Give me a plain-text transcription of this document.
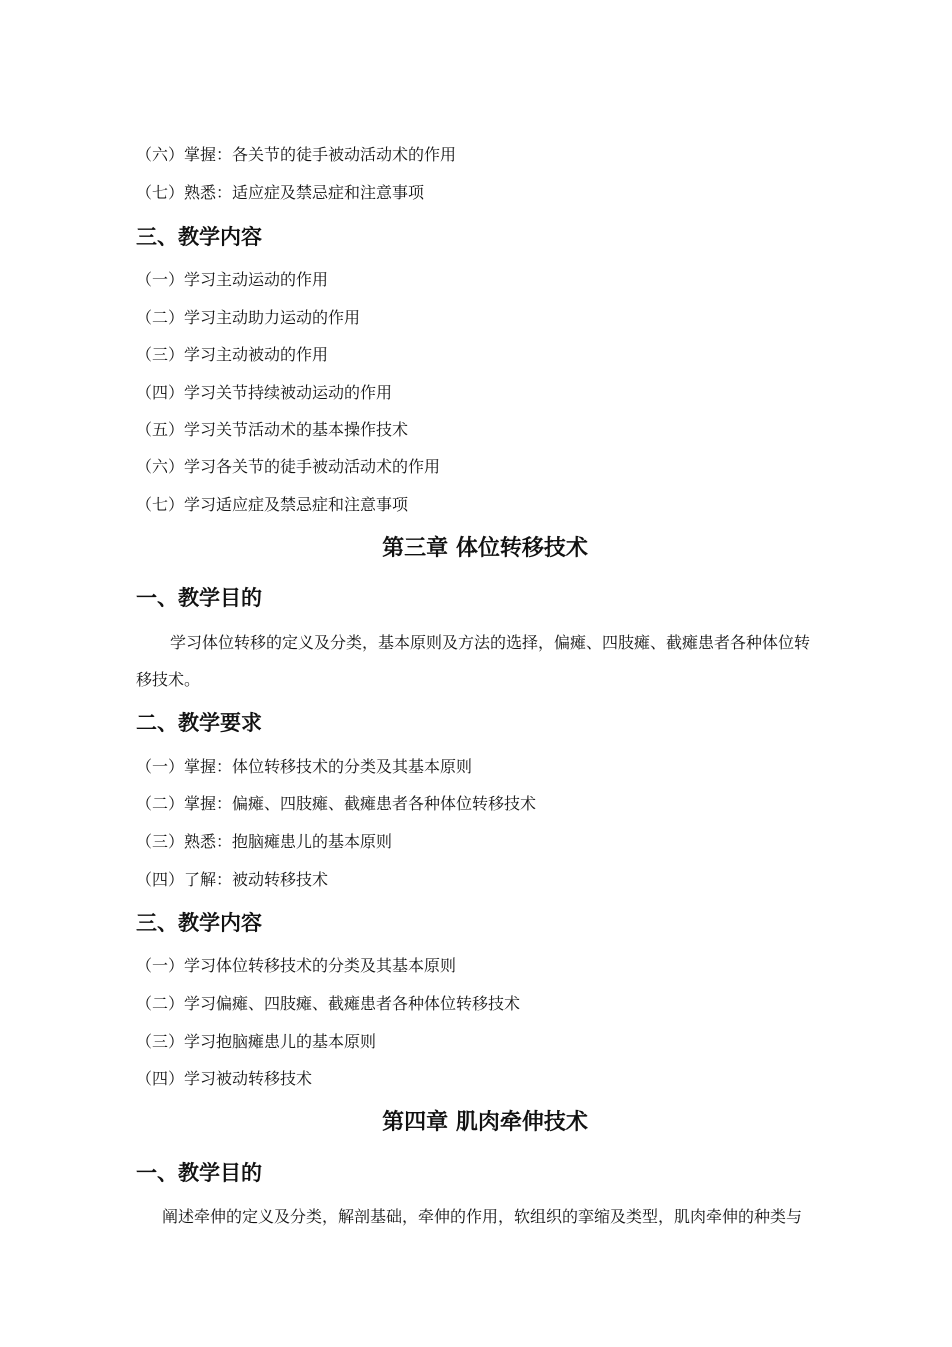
（六）掌握：各关节的徒手被动活动术的作用
（七）熟悉：适应症及禁忌症和注意事项
三、教学内容
（一）学习主动运动的作用
（二）学习主动助力运动的作用
（三）学习主动被动的作用
（四）学习关节持续被动运动的作用
（五）学习关节活动术的基本操作技术
（六）学习各关节的徒手被动活动术的作用
（七）学习适应症及禁忌症和注意事项
第三章 体位转移技术
一、教学目的
学习体位转移的定义及分类，基本原则及方法的选择，偏瘫、四肢瘫、截瘫患者各种体位转
移技术。
二、教学要求
（一）掌握：体位转移技术的分类及其基本原则
（二）掌握：偏瘫、四肢瘫、截瘫患者各种体位转移技术
（三）熟悉：抱脑瘫患儿的基本原则
（四）了解：被动转移技术
三、教学内容
（一）学习体位转移技术的分类及其基本原则
（二）学习偏瘫、四肢瘫、截瘫患者各种体位转移技术
（三）学习抱脑瘫患儿的基本原则
（四）学习被动转移技术
第四章 肌肉牵伸技术
一、教学目的
阐述牵伸的定义及分类，解剖基础，牵伸的作用，软组织的挛缩及类型，肌肉牵伸的种类与
